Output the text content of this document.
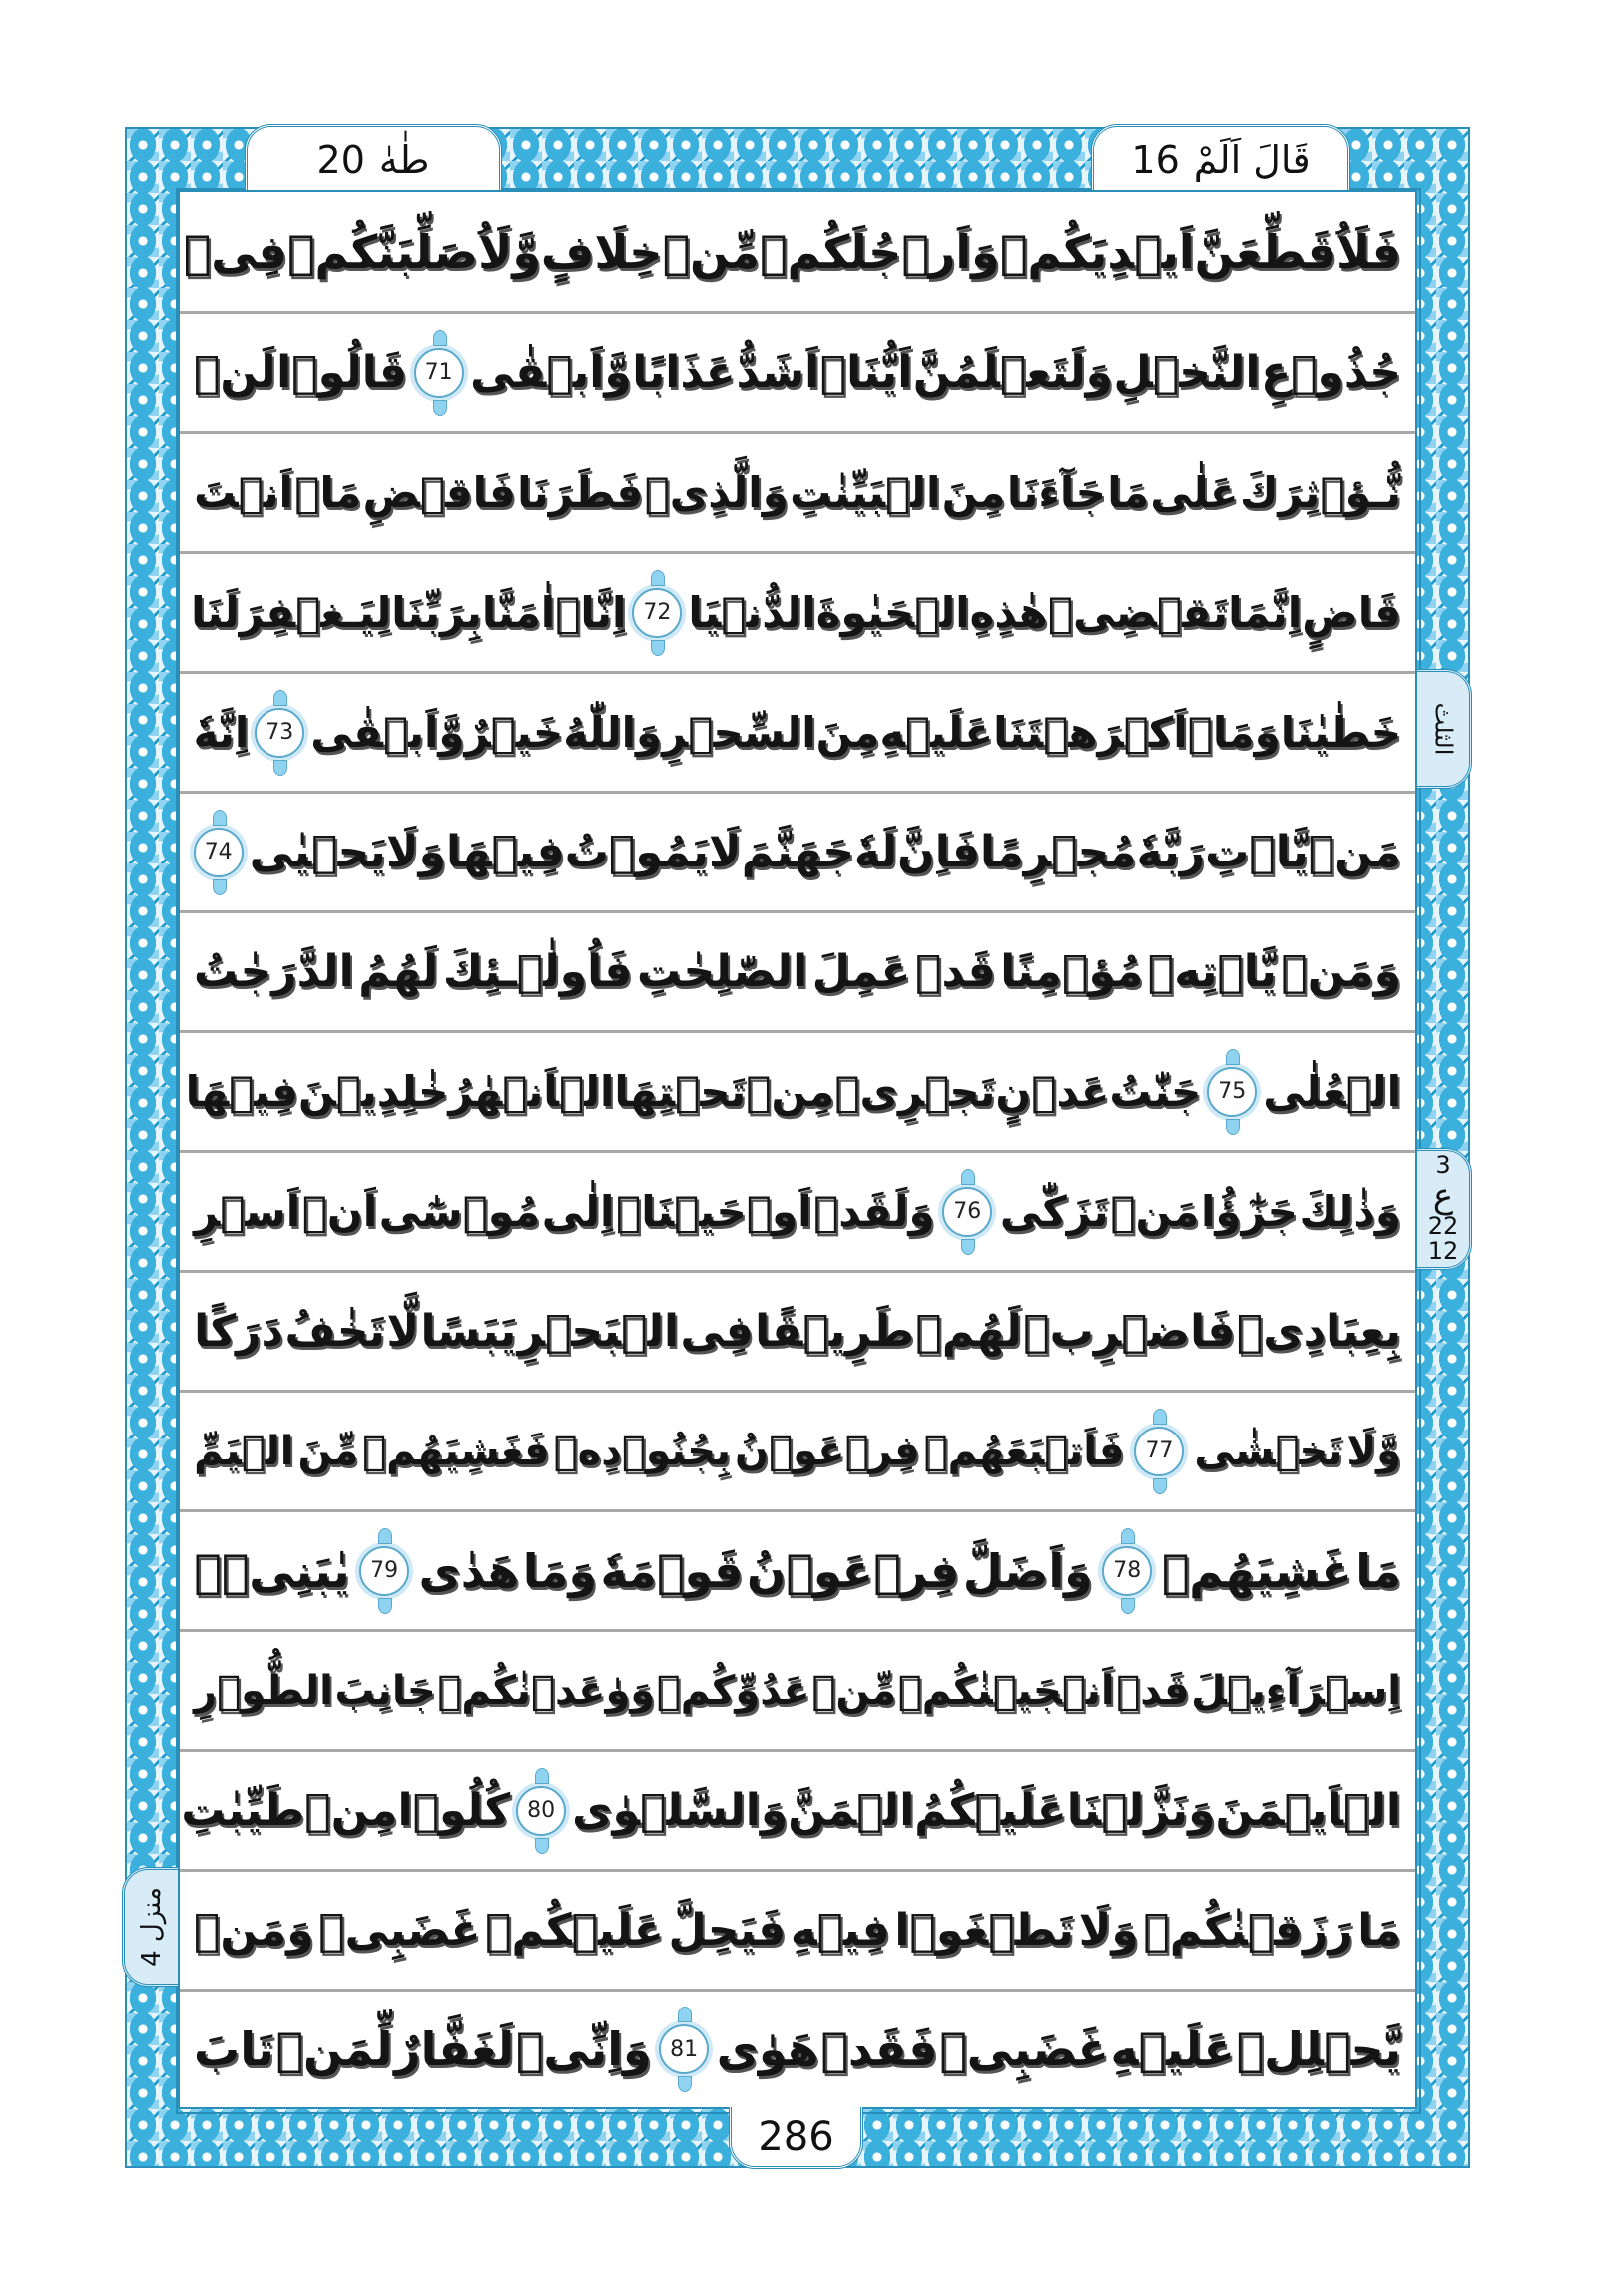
طٰهٰ
20	قَالَ اَلَمْ
16
فَلَاُقَطِّعَنَّ
اَيۡدِيَكُمۡ
وَاَرۡجُلَكُمۡ
مِّنۡ
خِلَافٍ
وَّلَاُصَلِّبَنَّكُمۡ
فِىۡ
جُذُوۡعِ
النَّخۡلِ
وَلَتَعۡلَمُنَّ
اَيُّنَاۤ
اَشَدُّ
عَذَابًا
وَّاَبۡقٰى
71
قَالُوۡا
لَنۡ
نُّـؤۡثِرَكَ
عَلٰى
مَا
جَآءَنَا
مِنَ
الۡبَيِّنٰتِ
وَالَّذِىۡ
فَطَرَنَا
فَاقۡضِ
مَاۤ
اَنۡتَ
قَاضٍ
اِنَّمَا
تَقۡضِىۡ
هٰذِهِ
الۡحَيٰوةَ
الدُّنۡيَا
72
اِنَّاۤ
اٰمَنَّا
بِرَبِّنَا
لِيَـغۡفِرَ
لَنَا
خَطٰيٰنَا
وَمَاۤ
اَكۡرَهۡتَنَا
عَلَيۡهِ
مِنَ
السِّحۡرِ
وَاللّٰهُ
خَيۡرٌ
وَّاَبۡقٰى
73
اِنَّهٗ
مَنۡ
يَّاۡتِ
رَبَّهٗ
مُجۡرِمًا
فَاِنَّ
لَهٗ
جَهَنَّمَ
لَا
يَمُوۡتُ
فِيۡهَا
وَلَا
يَحۡيٰى
74
وَمَنۡ
يَّاۡتِهٖ
مُؤۡمِنًا
قَدۡ
عَمِلَ
الصّٰلِحٰتِ
فَاُولٰۤـئِكَ
لَهُمُ
الدَّرَجٰتُ
الۡعُلٰى
75
جَنّٰتُ
عَدۡنٍ
تَجۡرِىۡ
مِنۡ
تَحۡتِهَا
الۡاَنۡهٰرُ
خٰلِدِيۡنَ
فِيۡهَا
وَذٰلِكَ
جَزٰٓؤُا
مَنۡ
تَزَكّٰى
76
وَلَقَدۡ
اَوۡحَيۡنَاۤ
اِلٰى
مُوۡسٰٓى
اَنۡ
اَسۡرِ
بِعِبَادِىۡ
فَاضۡرِبۡ
لَهُمۡ
طَرِيۡقًا
فِى
الۡبَحۡرِ
يَبَسًا
لَّا
تَخٰفُ
دَرَكًا
وَّلَا
تَخۡشٰى
77
فَاَتۡبَعَهُمۡ
فِرۡعَوۡنُ
بِجُنُوۡدِهٖ
فَغَشِيَهُمۡ
مِّنَ
الۡيَمِّ
مَا
غَشِيَهُمۡ
78
وَاَضَلَّ
فِرۡعَوۡنُ
قَوۡمَهٗ
وَمَا
هَدٰى
79
يٰبَنِىۡۤ
اِسۡرَآءِيۡلَ
قَدۡ
اَنۡجَيۡنٰكُمۡ
مِّنۡ
عَدُوِّكُمۡ
وَوٰعَدۡنٰكُمۡ
جَانِبَ
الطُّوۡرِ
الۡاَيۡمَنَ
وَنَزَّلۡنَا
عَلَيۡكُمُ
الۡمَنَّ
وَالسَّلۡوٰى
80
كُلُوۡا
مِنۡ
طَيِّبٰتِ
مَا
رَزَقۡنٰكُمۡ
وَلَا
تَطۡغَوۡا
فِيۡهِ
فَيَحِلَّ
عَلَيۡكُمۡ
غَضَبِىۡ
وَمَنۡ
يَّحۡلِلۡ
عَلَيۡهِ
غَضَبِىۡ
فَقَدۡ
هَوٰى
81
وَاِنِّىۡ
لَغَفَّارٌ
لِّمَنۡ
تَابَ
286
الثلث
3
ع
22
12
منزل 4
